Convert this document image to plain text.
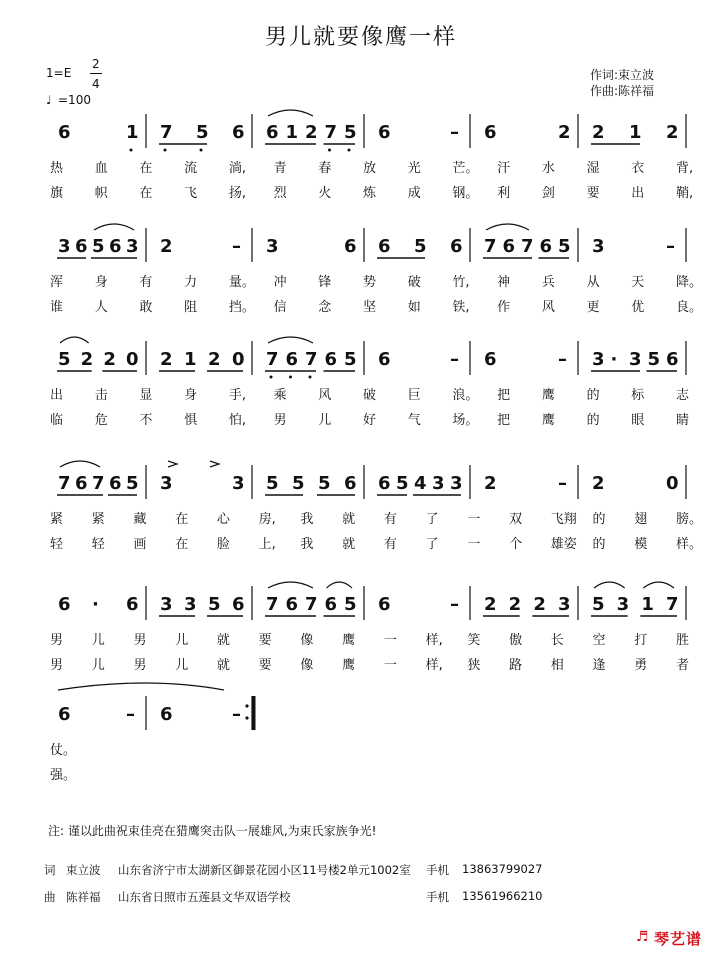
男儿就要像鹰一样
1=E
2
4
♩ =100
作词:束立波
作曲:陈祥福
6	1 7 5 6 6 1 2 7 5 6	– 6	2 2 1 2
热 血 在 流 淌, 青 春 放 光 芒。 汗 水 湿 衣 背,
旗 帜 在 飞 扬, 烈 火 炼 成 钢。 利 剑 要 出 鞘,
3 6 5 6 3 2	– 3	6 6 5 6 7 6 7 6 5 3	–
浑 身 有 力 量。 冲 锋 势 破 竹, 神 兵 从 天 降。
谁 人 敢 阻 挡。 信 念 坚 如 铁, 作 风 更 优 良。
5 2 2 0 2 1 2 0 7 6 7 6 5 6	– 6	– 3 · 3 5 6
出 击 显 身 手, 乘 风 破 巨 浪。 把 鹰 的 标 志
临 危 不 惧 怕, 男 儿 好 气 场。 把 鹰 的 眼 睛
7 6 7 6 5 3	3 5 5 5 6 6 5 4 3 3 2	– 2	0
紧 紧 藏 在 心 房, 我 就 有 了 一 双 飞翔 的 翅 膀。
轻 轻 画 在 脸 上, 我 就 有 了 一 个 雄姿 的 模 样。
6 · 6 3 3 5 6 7 6 7 6 5 6	– 2 2 2 3 5 3 1 7
男 儿 男 儿 就 要 像 鹰 一 样, 笑 傲 长 空 打 胜
男 儿 男 儿 就 要 像 鹰 一 样, 狭 路 相 逢 勇 者
6	– 6	–
仗。
强。
注: 谨以此曲祝束佳亮在猎鹰突击队一展雄风,为束氏家族争光!
词 束立波 山东省济宁市太湖新区御景花园小区11号楼2单元1002室 手机 13863799027
曲 陈祥福 山东省日照市五莲县文华双语学校	手机 13561966210
♬ 琴艺谱
